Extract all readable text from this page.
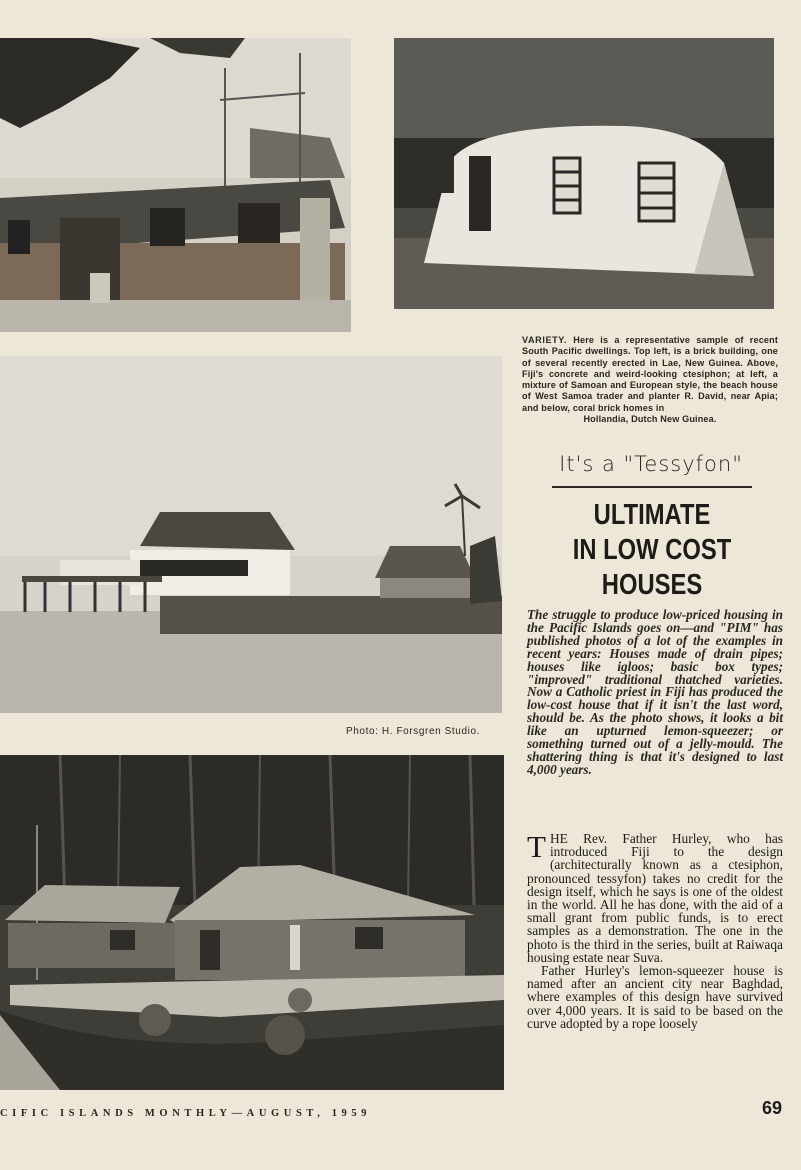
VARIETY. Here is a representative sample of recent South Pacific dwellings. Top left, is a brick building, one of several recently erected in Lae, New Guinea. Above, Fiji's concrete and weird-looking ctesiphon; at left, a mixture of Samoan and European style, the beach house of West Samoa trader and planter R. David, near Apia; and below, coral brick homes in
Hollandia, Dutch New Guinea.
Photo: H. Forsgren Studio.
It's a "Tessyfon"
ULTIMATE
IN LOW COST
HOUSES
The struggle to produce low-priced housing in the Pacific Islands goes on—and "PIM" has published photos of a lot of the examples in recent years: Houses made of drain pipes; houses like igloos; basic box types; "improved" traditional thatched varieties. Now a Catholic priest in Fiji has produced the low-cost house that if it isn't the last word, should be. As the photo shows, it looks a bit like an upturned lemon-squeezer; or something turned out of a jelly-mould. The shattering thing is that it's designed to last 4,000 years.

THE Rev. Father Hurley, who has introduced Fiji to the design (architecturally known as a ctesiphon, pronounced tessyfon) takes no credit for the design itself, which he says is one of the oldest in the world. All he has done, with the aid of a small grant from public funds, is to erect samples as a demonstration. The one in the photo is the third in the series, built at Raiwaqa housing estate near Suva.

Father Hurley's lemon-squeezer house is named after an ancient city near Baghdad, where examples of this design have survived over 4,000 years. It is said to be based on the curve adopted by a rope loosely

CIFIC ISLANDS MONTHLY—AUGUST, 1959	69
